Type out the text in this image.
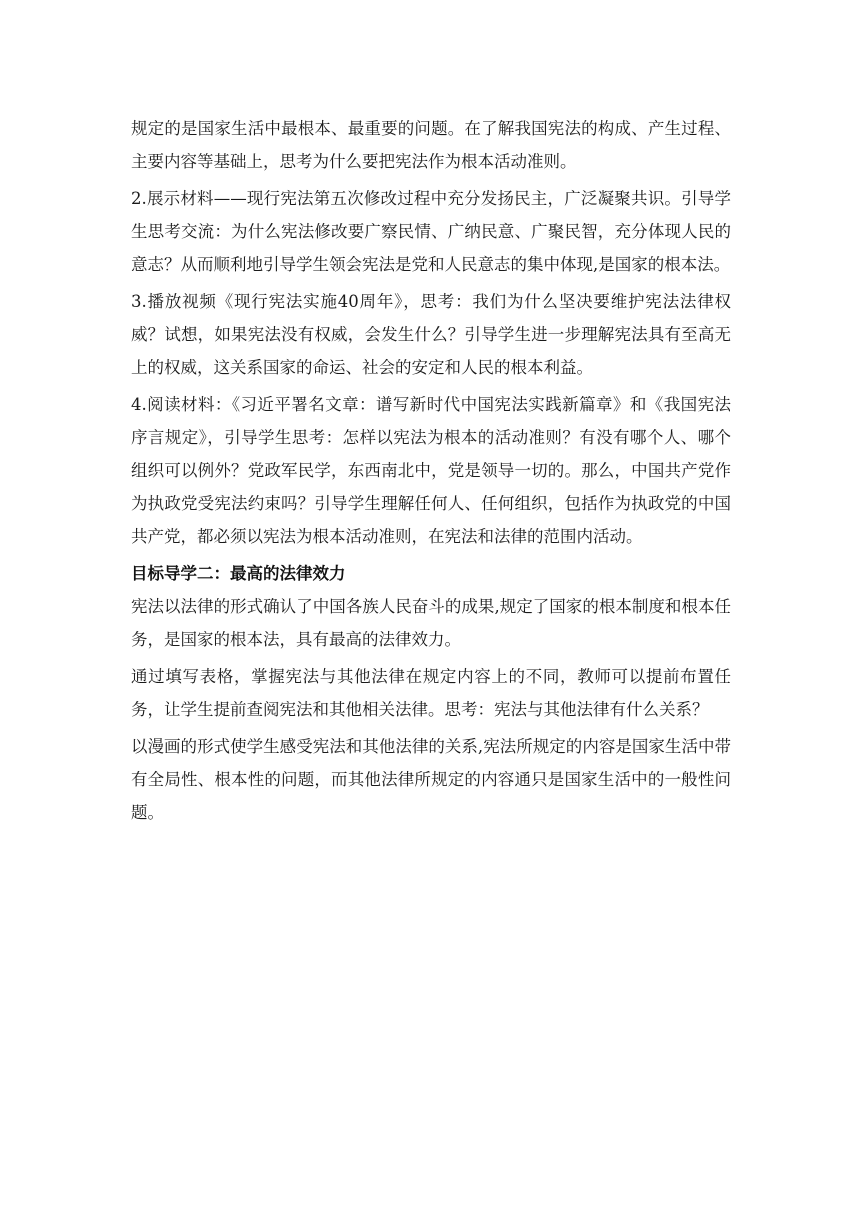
规定的是国家生活中最根本、最重要的问题。在了解我国宪法的构成、产生过程、主要内容等基础上，思考为什么要把宪法作为根本活动准则。

2.展示材料——现行宪法第五次修改过程中充分发扬民主，广泛凝聚共识。引导学生思考交流：为什么宪法修改要广察民情、广纳民意、广聚民智，充分体现人民的意志？从而顺利地引导学生领会宪法是党和人民意志的集中体现,是国家的根本法。

3.播放视频《现行宪法实施40周年》，思考：我们为什么坚决要维护宪法法律权威？试想，如果宪法没有权威，会发生什么？引导学生进一步理解宪法具有至高无上的权威，这关系国家的命运、社会的安定和人民的根本利益。

4.阅读材料：《习近平署名文章：谱写新时代中国宪法实践新篇章》和《我国宪法序言规定》，引导学生思考：怎样以宪法为根本的活动准则？有没有哪个人、哪个组织可以例外？党政军民学，东西南北中，党是领导一切的。那么，中国共产党作为执政党受宪法约束吗？引导学生理解任何人、任何组织，包括作为执政党的中国共产党，都必须以宪法为根本活动准则，在宪法和法律的范围内活动。

目标导学二：最高的法律效力

宪法以法律的形式确认了中国各族人民奋斗的成果,规定了国家的根本制度和根本任务，是国家的根本法，具有最高的法律效力。

通过填写表格，掌握宪法与其他法律在规定内容上的不同，教师可以提前布置任务，让学生提前查阅宪法和其他相关法律。思考：宪法与其他法律有什么关系？

以漫画的形式使学生感受宪法和其他法律的关系,宪法所规定的内容是国家生活中带有全局性、根本性的问题，而其他法律所规定的内容通只是国家生活中的一般性问题。
